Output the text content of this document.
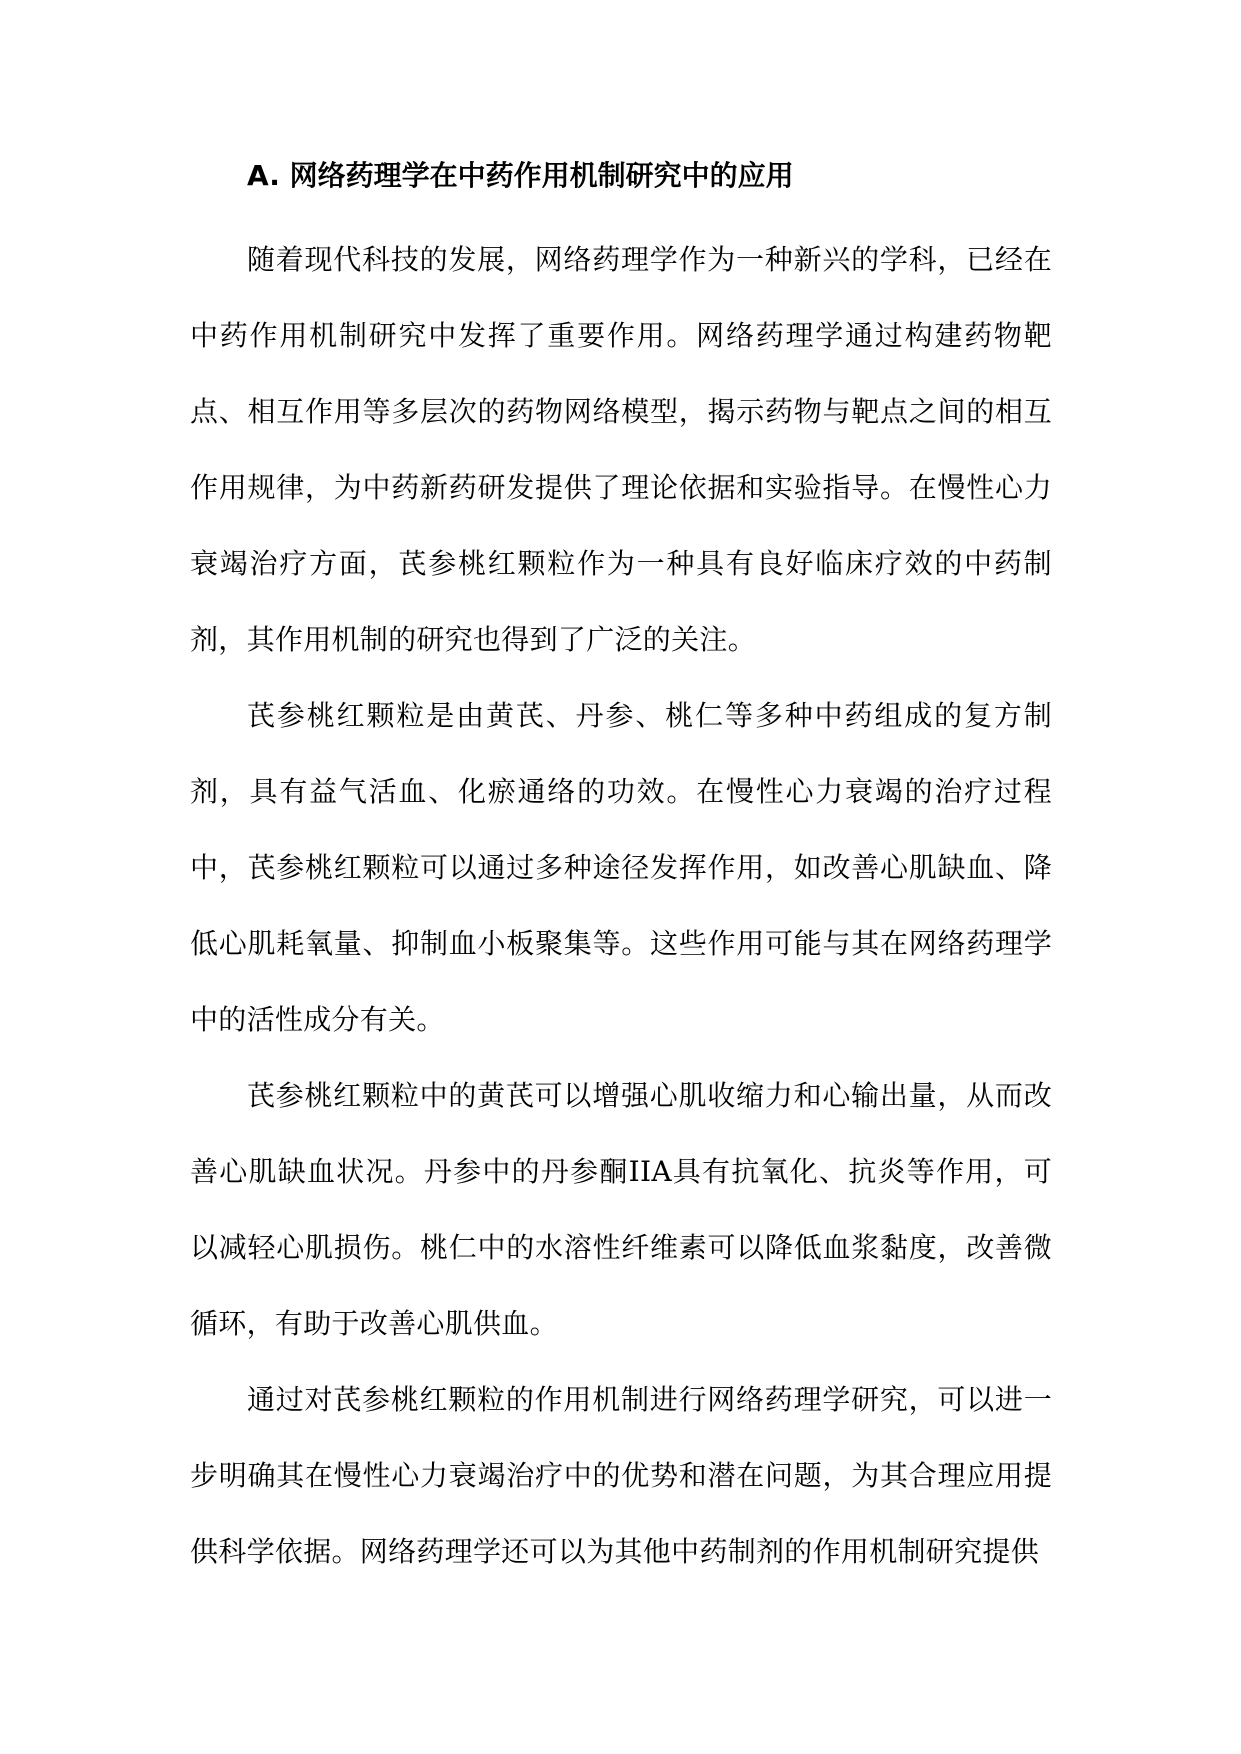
A. 网络药理学在中药作用机制研究中的应用

随着现代科技的发展，网络药理学作为一种新兴的学科，已经在中药作用机制研究中发挥了重要作用。网络药理学通过构建药物靶点、相互作用等多层次的药物网络模型，揭示药物与靶点之间的相互作用规律，为中药新药研发提供了理论依据和实验指导。在慢性心力衰竭治疗方面，芪参桃红颗粒作为一种具有良好临床疗效的中药制剂，其作用机制的研究也得到了广泛的关注。

芪参桃红颗粒是由黄芪、丹参、桃仁等多种中药组成的复方制剂，具有益气活血、化瘀通络的功效。在慢性心力衰竭的治疗过程中，芪参桃红颗粒可以通过多种途径发挥作用，如改善心肌缺血、降低心肌耗氧量、抑制血小板聚集等。这些作用可能与其在网络药理学中的活性成分有关。

芪参桃红颗粒中的黄芪可以增强心肌收缩力和心输出量，从而改善心肌缺血状况。丹参中的丹参酮IIA具有抗氧化、抗炎等作用，可以减轻心肌损伤。桃仁中的水溶性纤维素可以降低血浆黏度，改善微循环，有助于改善心肌供血。

通过对芪参桃红颗粒的作用机制进行网络药理学研究，可以进一步明确其在慢性心力衰竭治疗中的优势和潜在问题，为其合理应用提供科学依据。网络药理学还可以为其他中药制剂的作用机制研究提供
